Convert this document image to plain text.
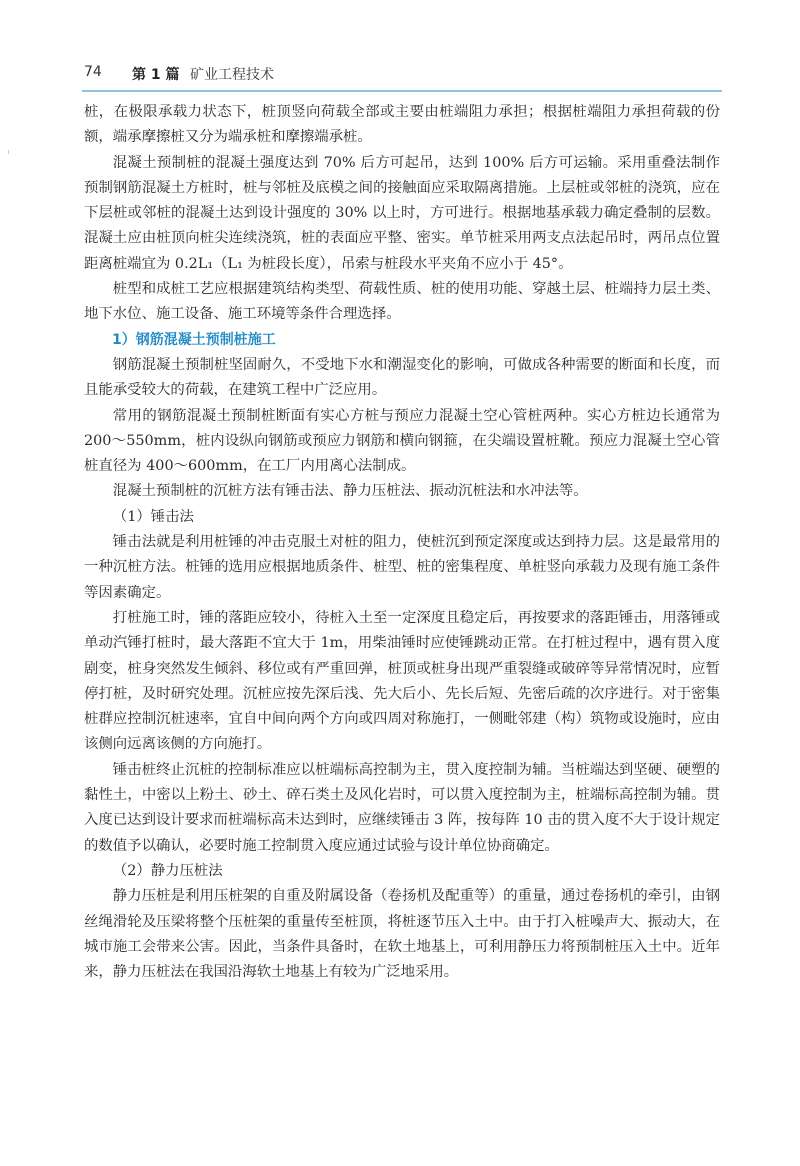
74 第 1 篇 矿业工程技术

桩，在极限承载力状态下，桩顶竖向荷载全部或主要由桩端阻力承担；根据桩端阻力承担荷载的份额，端承摩擦桩又分为端承桩和摩擦端承桩。

混凝土预制桩的混凝土强度达到 70% 后方可起吊，达到 100% 后方可运输。采用重叠法制作预制钢筋混凝土方桩时，桩与邻桩及底模之间的接触面应采取隔离措施。上层桩或邻桩的浇筑，应在下层桩或邻桩的混凝土达到设计强度的 30% 以上时，方可进行。根据地基承载力确定叠制的层数。混凝土应由桩顶向桩尖连续浇筑，桩的表面应平整、密实。单节桩采用两支点法起吊时，两吊点位置距离桩端宜为 0.2L₁（L₁ 为桩段长度），吊索与桩段水平夹角不应小于 45°。

桩型和成桩工艺应根据建筑结构类型、荷载性质、桩的使用功能、穿越土层、桩端持力层土类、地下水位、施工设备、施工环境等条件合理选择。

1）钢筋混凝土预制桩施工

钢筋混凝土预制桩坚固耐久，不受地下水和潮湿变化的影响，可做成各种需要的断面和长度，而且能承受较大的荷载，在建筑工程中广泛应用。

常用的钢筋混凝土预制桩断面有实心方桩与预应力混凝土空心管桩两种。实心方桩边长通常为 200～550mm，桩内设纵向钢筋或预应力钢筋和横向钢箍，在尖端设置桩靴。预应力混凝土空心管桩直径为 400～600mm，在工厂内用离心法制成。

混凝土预制桩的沉桩方法有锤击法、静力压桩法、振动沉桩法和水冲法等。

（1）锤击法

锤击法就是利用桩锤的冲击克服土对桩的阻力，使桩沉到预定深度或达到持力层。这是最常用的一种沉桩方法。桩锤的选用应根据地质条件、桩型、桩的密集程度、单桩竖向承载力及现有施工条件等因素确定。

打桩施工时，锤的落距应较小，待桩入土至一定深度且稳定后，再按要求的落距锤击，用落锤或单动汽锤打桩时，最大落距不宜大于 1m，用柴油锤时应使锤跳动正常。在打桩过程中，遇有贯入度剧变，桩身突然发生倾斜、移位或有严重回弹，桩顶或桩身出现严重裂缝或破碎等异常情况时，应暂停打桩，及时研究处理。沉桩应按先深后浅、先大后小、先长后短、先密后疏的次序进行。对于密集桩群应控制沉桩速率，宜自中间向两个方向或四周对称施打，一侧毗邻建（构）筑物或设施时，应由该侧向远离该侧的方向施打。

锤击桩终止沉桩的控制标准应以桩端标高控制为主，贯入度控制为辅。当桩端达到坚硬、硬塑的黏性土，中密以上粉土、砂土、碎石类土及风化岩时，可以贯入度控制为主，桩端标高控制为辅。贯入度已达到设计要求而桩端标高未达到时，应继续锤击 3 阵，按每阵 10 击的贯入度不大于设计规定的数值予以确认，必要时施工控制贯入度应通过试验与设计单位协商确定。

（2）静力压桩法

静力压桩是利用压桩架的自重及附属设备（卷扬机及配重等）的重量，通过卷扬机的牵引，由钢丝绳滑轮及压梁将整个压桩架的重量传至桩顶，将桩逐节压入土中。由于打入桩噪声大、振动大，在城市施工会带来公害。因此，当条件具备时，在软土地基上，可利用静压力将预制桩压入土中。近年来，静力压桩法在我国沿海软土地基上有较为广泛地采用。
